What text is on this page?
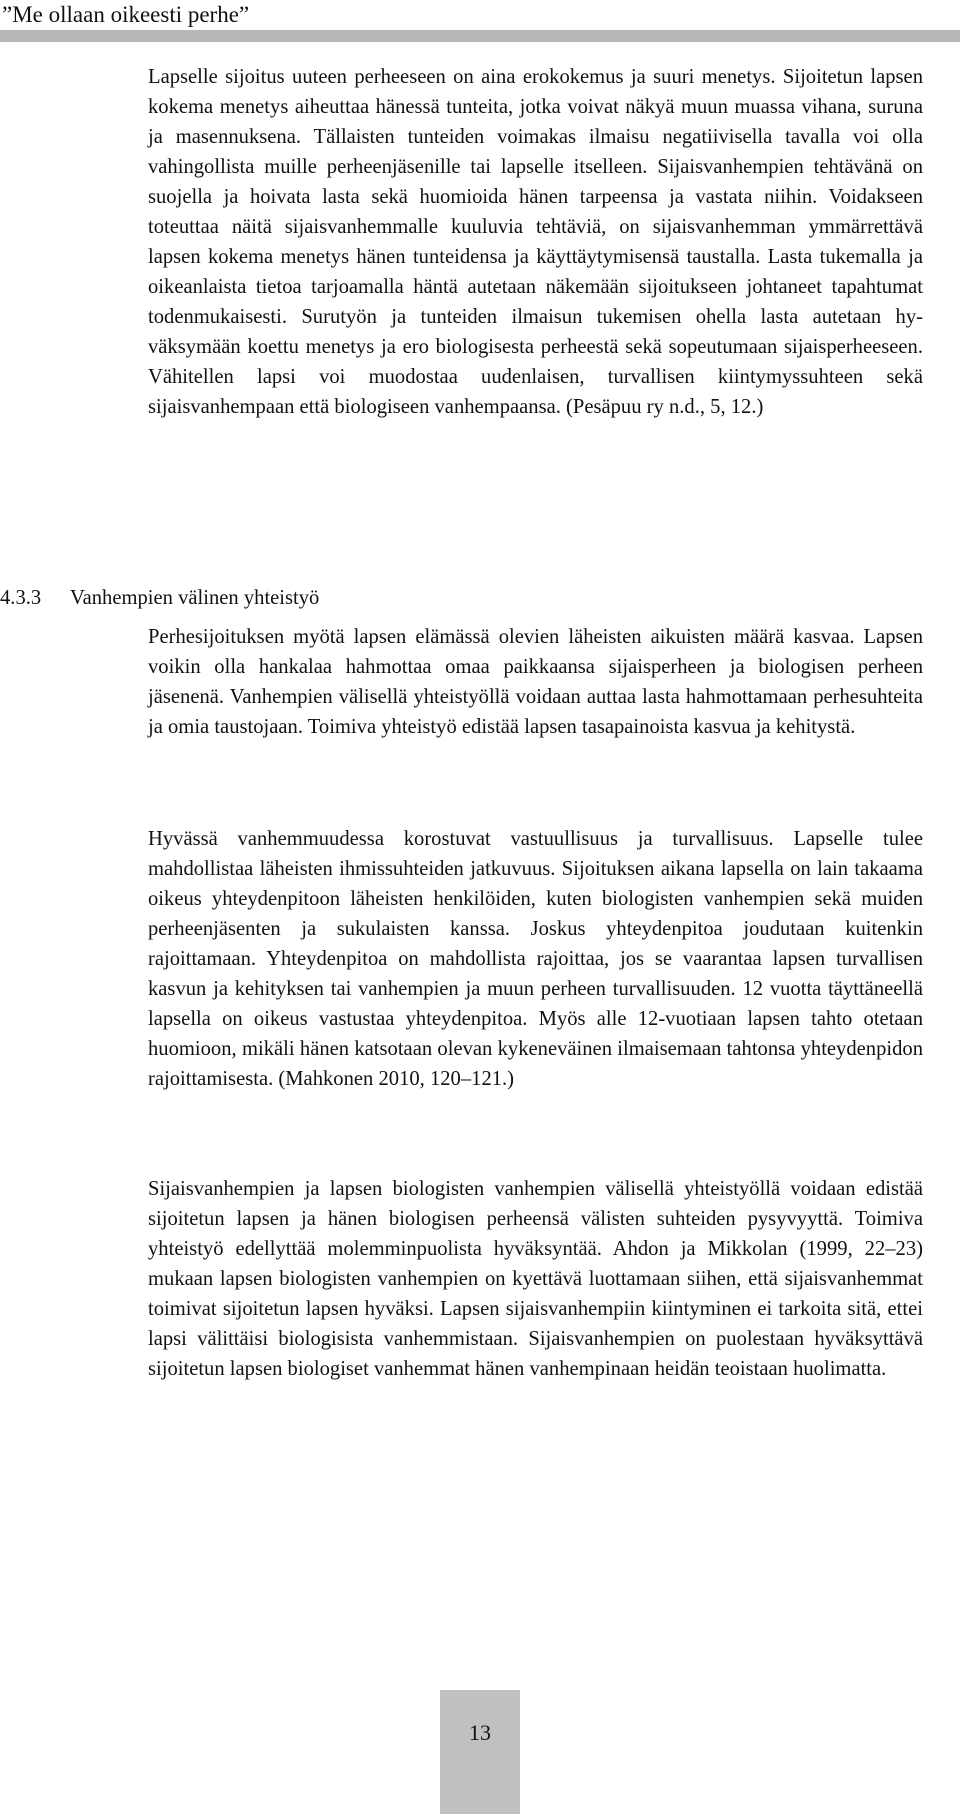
”Me ollaan oikeesti perhe”

Lapselle sijoitus uuteen perheeseen on aina erokokemus ja suuri menetys. Sijoitetun lapsen kokema menetys aiheuttaa hänessä tunteita, jotka voivat näkyä muun muassa vihana, suruna ja masennuksena. Tällaisten tunteiden voimakas ilmaisu negatiivisella tavalla voi olla vahingollista muille perheenjäsenille tai lapselle itselleen. Sijaisvanhempien tehtävänä on suojella ja hoivata lasta sekä huomioida hänen tarpeensa ja vastata niihin. Voidakseen toteuttaa näitä sijaisvanhemmalle kuuluvia tehtäviä, on sijaisvanhemman ymmärrettävä lapsen kokema menetys hänen tunteidensa ja käyttäytymisensä taustalla. Lasta tukemalla ja oikeanlaista tietoa tarjoamalla häntä autetaan näkemään sijoitukseen johtaneet tapahtumat todenmukaisesti. Surutyön ja tunteiden ilmaisun tukemisen ohella lasta autetaan hyväksymään koettu menetys ja ero biologisesta perheestä sekä sopeutumaan sijaisperheeseen. Vähitellen lapsi voi muodostaa uudenlaisen, turvallisen kiintymyssuhteen sekä sijaisvanhempaan että biologiseen vanhempaansa. (Pesäpuu ry n.d., 5, 12.)

4.3.3 Vanhempien välinen yhteistyö

Perhesijoituksen myötä lapsen elämässä olevien läheisten aikuisten määrä kasvaa. Lapsen voikin olla hankalaa hahmottaa omaa paikkaansa sijaisperheen ja biologisen perheen jäsenenä. Vanhempien välisellä yhteistyöllä voidaan auttaa lasta hahmottamaan perhesuhteita ja omia taustojaan. Toimiva yhteistyö edistää lapsen tasapainoista kasvua ja kehitystä.

Hyvässä vanhemmuudessa korostuvat vastuullisuus ja turvallisuus. Lapselle tulee mahdollistaa läheisten ihmissuhteiden jatkuvuus. Sijoituksen aikana lapsella on lain takaama oikeus yhteydenpitoon läheisten henkilöiden, kuten biologisten vanhempien sekä muiden perheenjäsenten ja sukulaisten kanssa. Joskus yhteydenpitoa joudutaan kuitenkin rajoittamaan. Yhteydenpitoa on mahdollista rajoittaa, jos se vaarantaa lapsen turvallisen kasvun ja kehityksen tai vanhempien ja muun perheen turvallisuuden. 12 vuotta täyttäneellä lapsella on oikeus vastustaa yhteydenpitoa. Myös alle 12-vuotiaan lapsen tahto otetaan huomioon, mikäli hänen katsotaan olevan kykeneväinen ilmaisemaan tahtonsa yhteydenpidon rajoittamisesta. (Mahkonen 2010, 120–121.)

Sijaisvanhempien ja lapsen biologisten vanhempien välisellä yhteistyöllä voidaan edistää sijoitetun lapsen ja hänen biologisen perheensä välisten suhteiden pysyvyyttä. Toimiva yhteistyö edellyttää molemminpuolista hyväksyntää. Ahdon ja Mikkolan (1999, 22–23) mukaan lapsen biologisten vanhempien on kyettävä luottamaan siihen, että sijaisvanhemmat toimivat sijoitetun lapsen hyväksi. Lapsen sijaisvanhempiin kiintyminen ei tarkoita sitä, ettei lapsi välittäisi biologisista vanhemmistaan. Sijaisvanhempien on puolestaan hyväksyttävä sijoitetun lapsen biologiset vanhemmat hänen vanhempinaan heidän teoistaan huolimatta.

13
